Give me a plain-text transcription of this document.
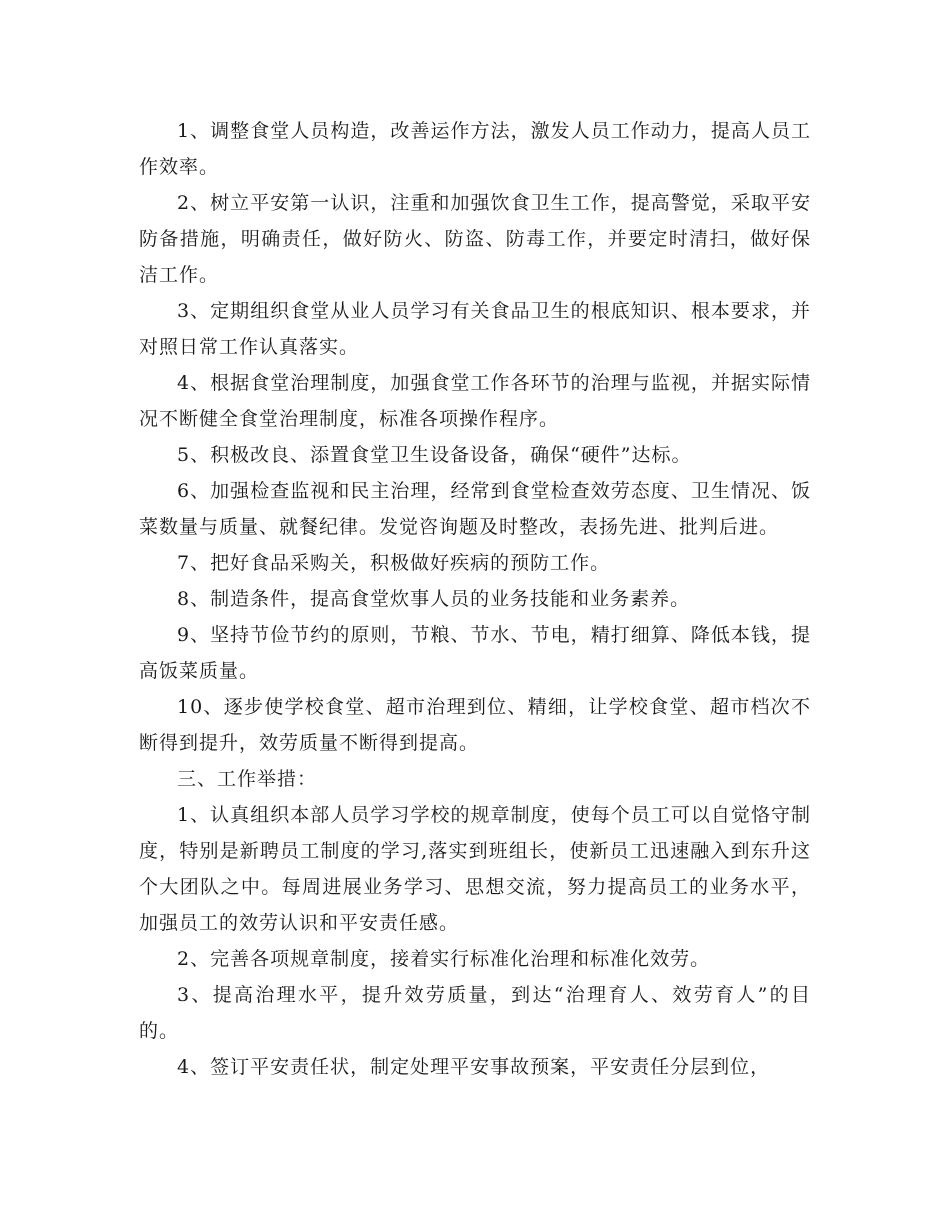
1、调整食堂人员构造，改善运作方法，激发人员工作动力，提高人员工作效率。

2、树立平安第一认识，注重和加强饮食卫生工作，提高警觉，采取平安防备措施，明确责任，做好防火、防盗、防毒工作，并要定时清扫，做好保洁工作。

3、定期组织食堂从业人员学习有关食品卫生的根底知识、根本要求，并对照日常工作认真落实。

4、根据食堂治理制度，加强食堂工作各环节的治理与监视，并据实际情况不断健全食堂治理制度，标准各项操作程序。

5、积极改良、添置食堂卫生设备设备，确保“硬件”达标。

6、加强检查监视和民主治理，经常到食堂检查效劳态度、卫生情况、饭菜数量与质量、就餐纪律。发觉咨询题及时整改，表扬先进、批判后进。

7、把好食品采购关，积极做好疾病的预防工作。

8、制造条件，提高食堂炊事人员的业务技能和业务素养。

9、坚持节俭节约的原则，节粮、节水、节电，精打细算、降低本钱，提高饭菜质量。

10、逐步使学校食堂、超市治理到位、精细，让学校食堂、超市档次不断得到提升，效劳质量不断得到提高。

三、工作举措：

1、认真组织本部人员学习学校的规章制度，使每个员工可以自觉恪守制度，特别是新聘员工制度的学习,落实到班组长，使新员工迅速融入到东升这个大团队之中。每周进展业务学习、思想交流，努力提高员工的业务水平，加强员工的效劳认识和平安责任感。

2、完善各项规章制度，接着实行标准化治理和标准化效劳。

3、提高治理水平，提升效劳质量，到达“治理育人、效劳育人”的目的。

4、签订平安责任状，制定处理平安事故预案，平安责任分层到位，
